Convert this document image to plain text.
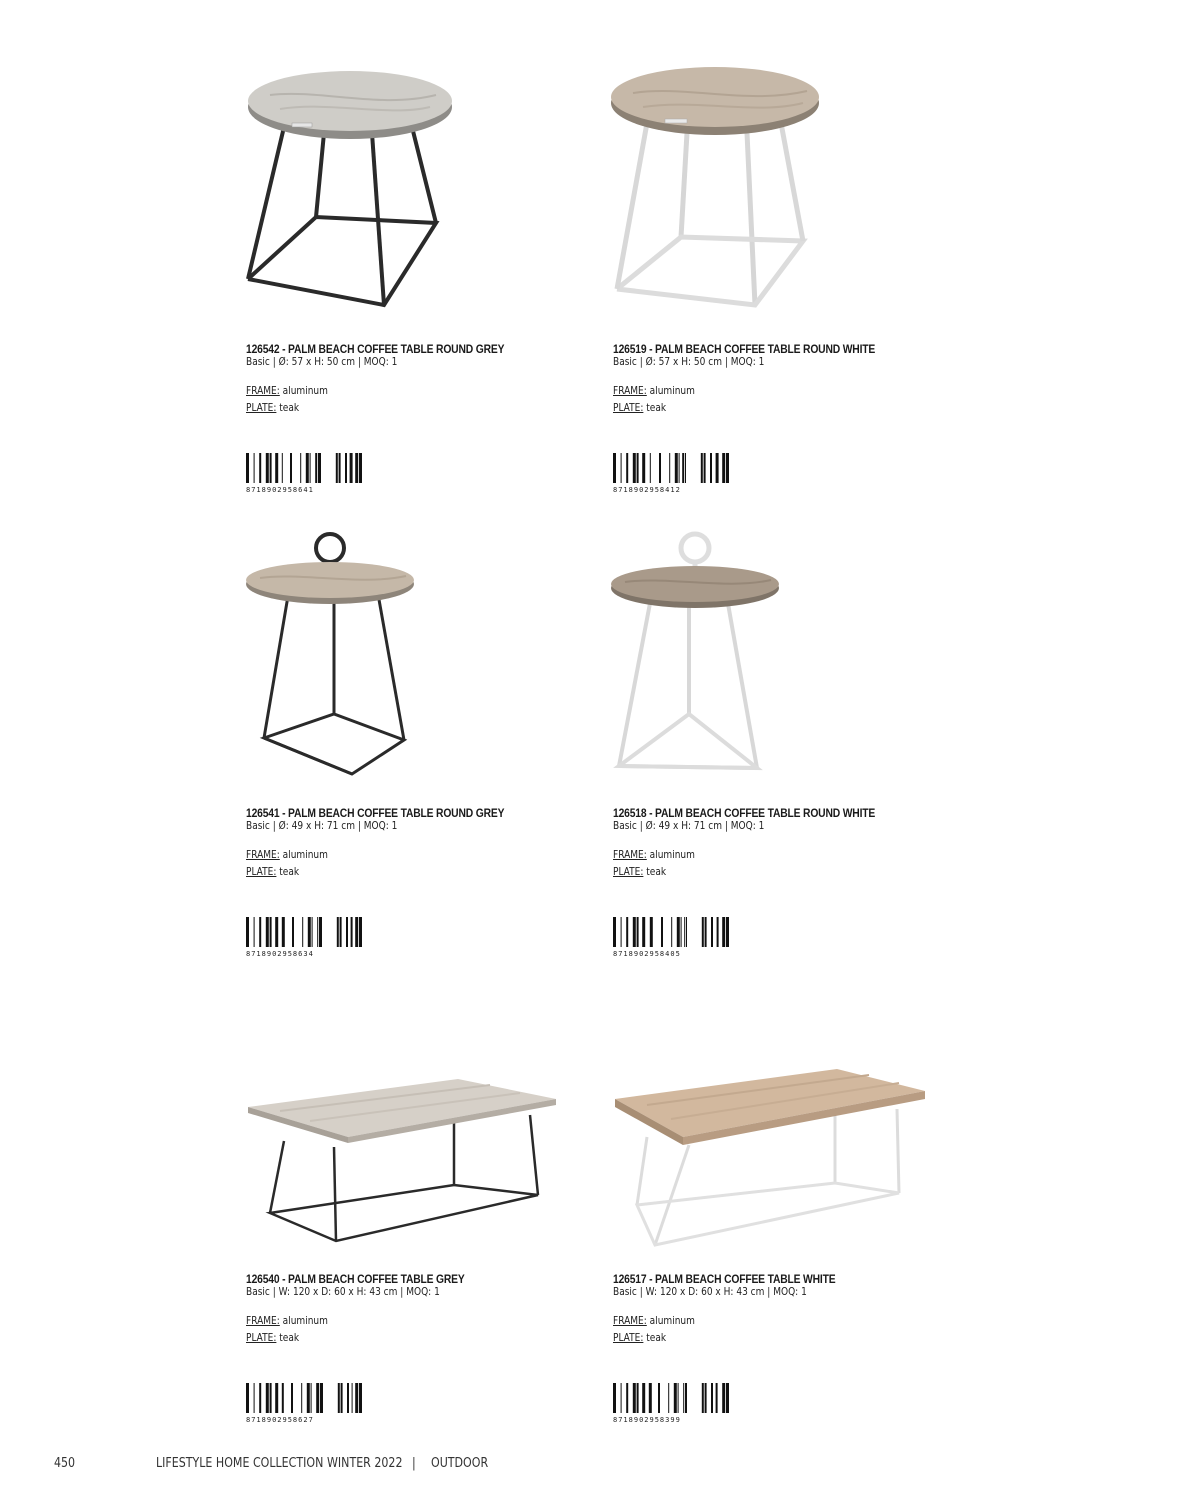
126542 - PALM BEACH COFFEE TABLE ROUND GREY
Basic | Ø: 57 x H: 50 cm | MOQ: 1
FRAME: aluminum
PLATE: teak
8718902958641
126519 - PALM BEACH COFFEE TABLE ROUND WHITE
Basic | Ø: 57 x H: 50 cm | MOQ: 1
FRAME: aluminum
PLATE: teak
8718902958412
126541 - PALM BEACH COFFEE TABLE ROUND GREY
Basic | Ø: 49 x H: 71 cm | MOQ: 1
FRAME: aluminum
PLATE: teak
8718902958634
126518 - PALM BEACH COFFEE TABLE ROUND WHITE
Basic | Ø: 49 x H: 71 cm | MOQ: 1
FRAME: aluminum
PLATE: teak
8718902958405
126540 - PALM BEACH COFFEE TABLE GREY
Basic | W: 120 x D: 60 x H: 43 cm | MOQ: 1
FRAME: aluminum
PLATE: teak
8718902958627
126517 - PALM BEACH COFFEE TABLE WHITE
Basic | W: 120 x D: 60 x H: 43 cm | MOQ: 1
FRAME: aluminum
PLATE: teak
8718902958399
450	LIFESTYLE HOME COLLECTION WINTER 2022 | OUTDOOR
